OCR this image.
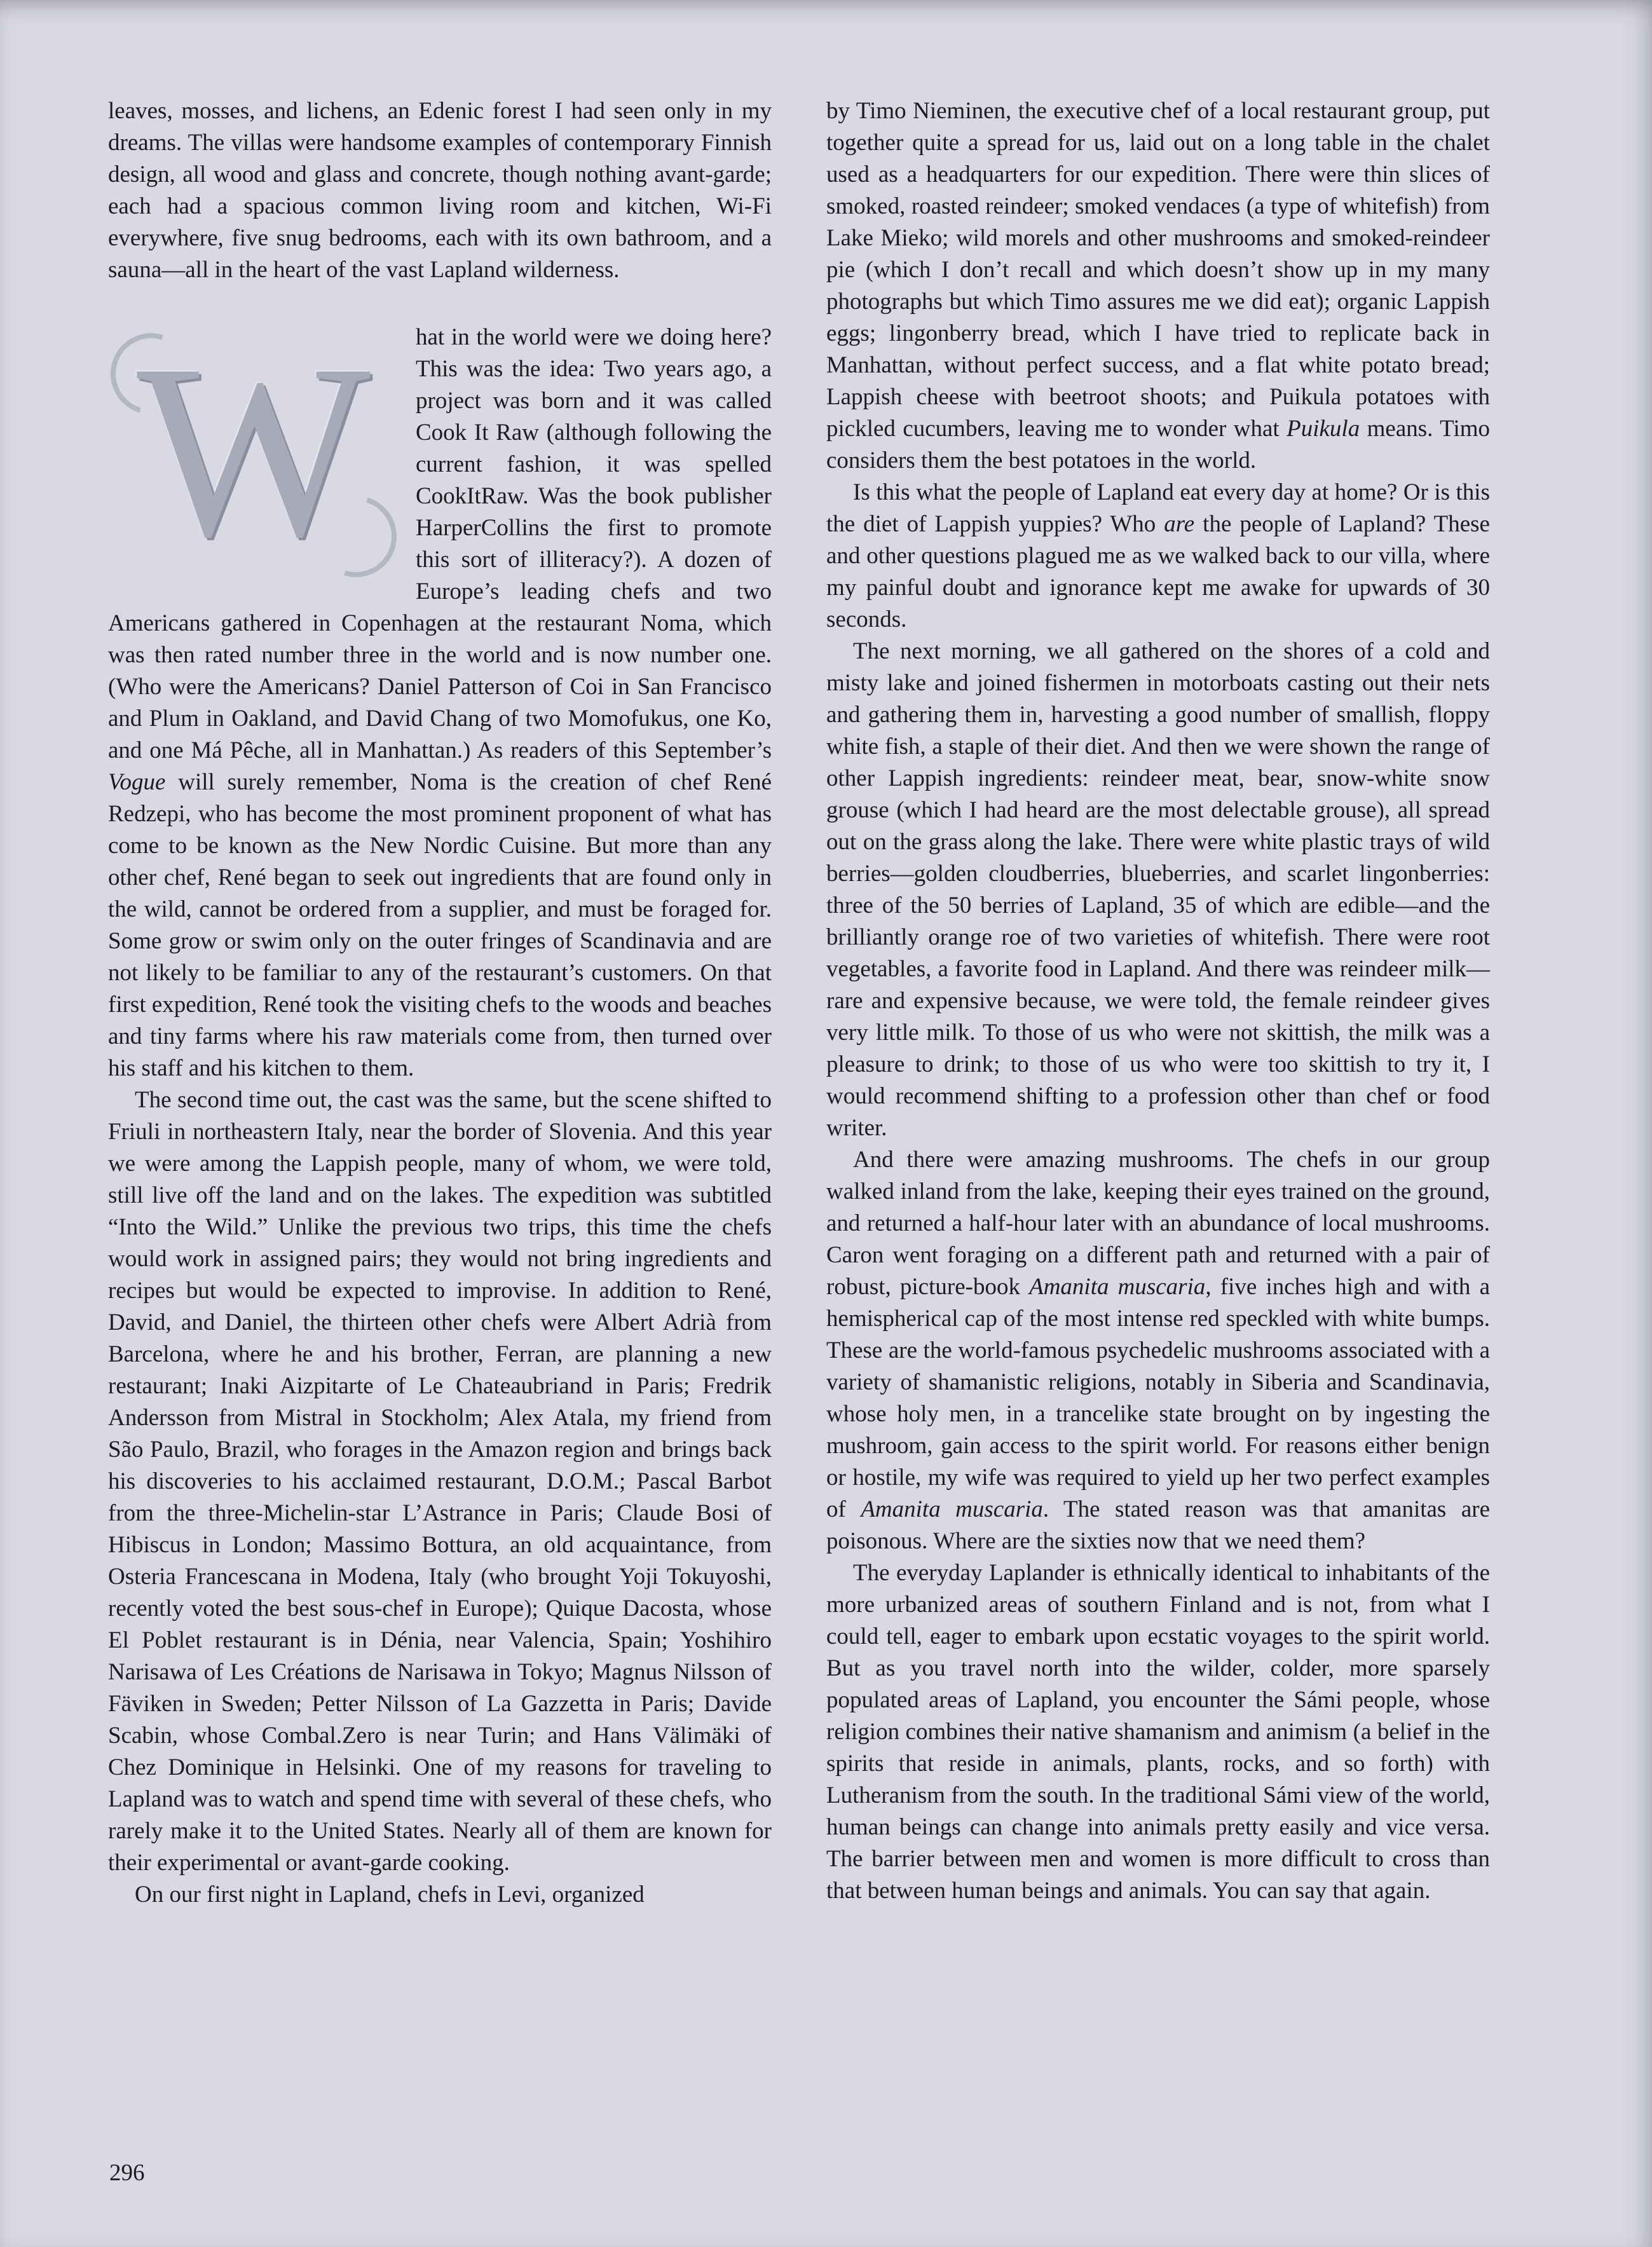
leaves, mosses, and lichens, an Edenic forest I had seen only in my dreams. The villas were handsome examples of contemporary Finnish design, all wood and glass and concrete, though nothing avant-garde; each had a spacious common living room and kitchen, Wi-Fi everywhere, five snug bedrooms, each with its own bathroom, and a sauna—all in the heart of the vast Lapland wilderness.

W	hat in the world were we doing here? This was the idea: Two years ago, a project was born and it was called Cook It Raw (although following the current fashion, it was spelled CookItRaw. Was the book publisher HarperCollins the first to promote this sort of illiteracy?). A dozen of Europe’s leading chefs and two Americans gathered in Copenhagen at the restaurant Noma, which was then rated number three in the world and is now number one. (Who were the Americans? Daniel Patterson of Coi in San Francisco and Plum in Oakland, and David Chang of two Momofukus, one Ko, and one Má Pêche, all in Manhattan.) As readers of this September’s Vogue will surely remember, Noma is the creation of chef René Redzepi, who has become the most prominent proponent of what has come to be known as the New Nordic Cuisine. But more than any other chef, René began to seek out ingredients that are found only in the wild, cannot be ordered from a supplier, and must be foraged for. Some grow or swim only on the outer fringes of Scandinavia and are not likely to be familiar to any of the restaurant’s customers. On that first expedition, René took the visiting chefs to the woods and beaches and tiny farms where his raw materials come from, then turned over his staff and his kitchen to them.

The second time out, the cast was the same, but the scene shifted to Friuli in northeastern Italy, near the border of Slovenia. And this year we were among the Lappish people, many of whom, we were told, still live off the land and on the lakes. The expedition was subtitled “Into the Wild.” Unlike the previous two trips, this time the chefs would work in assigned pairs; they would not bring ingredients and recipes but would be expected to improvise. In addition to René, David, and Daniel, the thirteen other chefs were Albert Adrià from Barcelona, where he and his brother, Ferran, are planning a new restaurant; Inaki Aizpitarte of Le Chateaubriand in Paris; Fredrik Andersson from Mistral in Stockholm; Alex Atala, my friend from São Paulo, Brazil, who forages in the Amazon region and brings back his discoveries to his acclaimed restaurant, D.O.M.; Pascal Barbot from the three-Michelin-star L’Astrance in Paris; Claude Bosi of Hibiscus in London; Massimo Bottura, an old acquaintance, from Osteria Francescana in Modena, Italy (who brought Yoji Tokuyoshi, recently voted the best sous-chef in Europe); Quique Dacosta, whose El Poblet restaurant is in Dénia, near Valencia, Spain; Yoshihiro Narisawa of Les Créations de Narisawa in Tokyo; Magnus Nilsson of Fäviken in Sweden; Petter Nilsson of La Gazzetta in Paris; Davide Scabin, whose Combal.Zero is near Turin; and Hans Välimäki of Chez Dominique in Helsinki. One of my reasons for traveling to Lapland was to watch and spend time with several of these chefs, who rarely make it to the United States. Nearly all of them are known for their experimental or avant-garde cooking.

On our first night in Lapland, chefs in Levi, organized

by Timo Nieminen, the executive chef of a local restaurant group, put together quite a spread for us, laid out on a long table in the chalet used as a headquarters for our expedition. There were thin slices of smoked, roasted reindeer; smoked vendaces (a type of whitefish) from Lake Mieko; wild morels and other mushrooms and smoked-reindeer pie (which I don’t recall and which doesn’t show up in my many photographs but which Timo assures me we did eat); organic Lappish eggs; lingonberry bread, which I have tried to replicate back in Manhattan, without perfect success, and a flat white potato bread; Lappish cheese with beetroot shoots; and Puikula potatoes with pickled cucumbers, leaving me to wonder what Puikula means. Timo considers them the best potatoes in the world.

Is this what the people of Lapland eat every day at home? Or is this the diet of Lappish yuppies? Who are the people of Lapland? These and other questions plagued me as we walked back to our villa, where my painful doubt and ignorance kept me awake for upwards of 30 seconds.

The next morning, we all gathered on the shores of a cold and misty lake and joined fishermen in motorboats casting out their nets and gathering them in, harvesting a good number of smallish, floppy white fish, a staple of their diet. And then we were shown the range of other Lappish ingredients: reindeer meat, bear, snow-white snow grouse (which I had heard are the most delectable grouse), all spread out on the grass along the lake. There were white plastic trays of wild berries—golden cloudberries, blueberries, and scarlet lingonberries: three of the 50 berries of Lapland, 35 of which are edible—and the brilliantly orange roe of two varieties of whitefish. There were root vegetables, a favorite food in Lapland. And there was reindeer milk—rare and expensive because, we were told, the female reindeer gives very little milk. To those of us who were not skittish, the milk was a pleasure to drink; to those of us who were too skittish to try it, I would recommend shifting to a profession other than chef or food writer.

And there were amazing mushrooms. The chefs in our group walked inland from the lake, keeping their eyes trained on the ground, and returned a half-hour later with an abundance of local mushrooms. Caron went foraging on a different path and returned with a pair of robust, picture-book Amanita muscaria, five inches high and with a hemispherical cap of the most intense red speckled with white bumps. These are the world-famous psychedelic mushrooms associated with a variety of shamanistic religions, notably in Siberia and Scandinavia, whose holy men, in a trancelike state brought on by ingesting the mushroom, gain access to the spirit world. For reasons either benign or hostile, my wife was required to yield up her two perfect examples of Amanita muscaria. The stated reason was that amanitas are poisonous. Where are the sixties now that we need them?

The everyday Laplander is ethnically identical to inhabitants of the more urbanized areas of southern Finland and is not, from what I could tell, eager to embark upon ecstatic voyages to the spirit world. But as you travel north into the wilder, colder, more sparsely populated areas of Lapland, you encounter the Sámi people, whose religion combines their native shamanism and animism (a belief in the spirits that reside in animals, plants, rocks, and so forth) with Lutheranism from the south. In the traditional Sámi view of the world, human beings can change into animals pretty easily and vice versa. The barrier between men and women is more difficult to cross than that between human beings and animals. You can say that again.

296
